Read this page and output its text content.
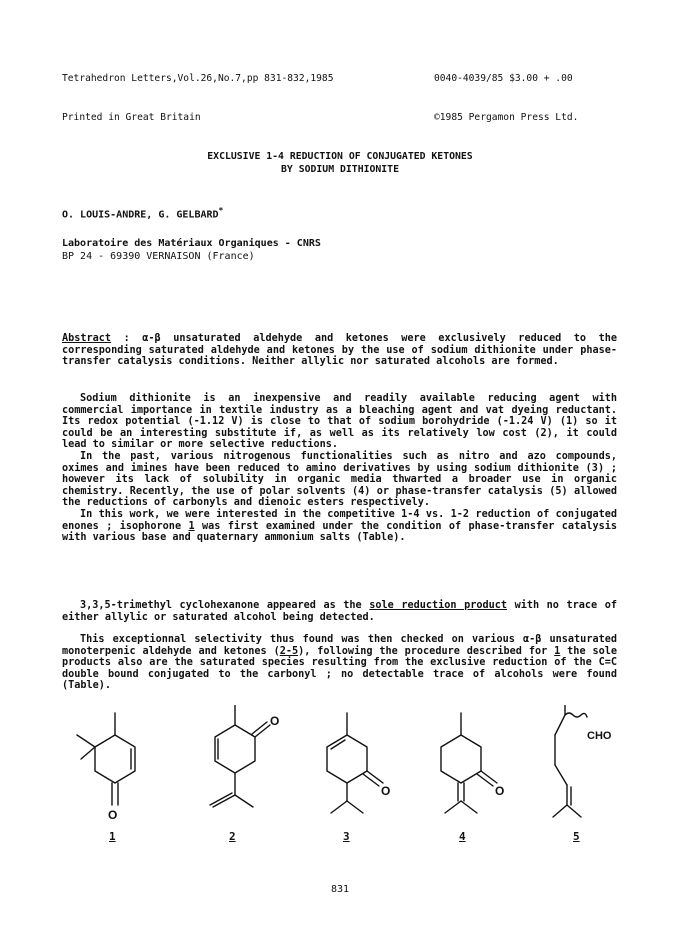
Tetrahedron Letters,Vol.26,No.7,pp 831-832,1985

Printed in Great Britain

0040-4039/85 $3.00 + .00

©1985 Pergamon Press Ltd.

EXCLUSIVE 1-4 REDUCTION OF CONJUGATED KETONES
BY SODIUM DITHIONITE
O. LOUIS-ANDRE, G. GELBARD*
Laboratoire des Matériaux Organiques - CNRS
BP 24 - 69390 VERNAISON (France)

Abstract : α-β unsaturated aldehyde and ketones were exclusively reduced to the corresponding saturated aldehyde and ketones by the use of sodium dithionite under phase- transfer catalysis conditions. Neither allylic nor saturated alcohols are formed.

Sodium dithionite is an inexpensive and readily available reducing agent with commercial importance in textile industry as a bleaching agent and vat dyeing reductant. Its redox potential (-1.12 V) is close to that of sodium borohydride (-1.24 V) (1) so it could be an interesting substitute if, as well as its relatively low cost (2), it could lead to similar or more selective reductions.

In the past, various nitrogenous functionalities such as nitro and azo compounds, oximes and imines have been reduced to amino derivatives by using sodium dithionite (3) ; however its lack of solubility in organic media thwarted a broader use in organic chemistry. Recently, the use of polar solvents (4) or phase-transfer catalysis (5) allowed the reductions of carbonyls and dienoic esters respectively.

In this work, we were interested in the competitive 1-4 vs. 1-2 reduction of conjugated enones ; isophorone 1 was first examined under the condition of phase-transfer catalysis with various base and quaternary ammonium salts (Table).

3,3,5-trimethyl cyclohexanone appeared as the sole reduction product with no trace of either allylic or saturated alcohol being detected.

This exceptionnal selectivity thus found was then checked on various α-β unsaturated monoterpenic aldehyde and ketones (2-5), following the procedure described for 1 the sole products also are the saturated species resulting from the exclusive reduction of the C=C double bound conjugated to the carbonyl ; no detectable trace of alcohols were found (Table).

O
O
O	O
CHO
1	2	3	4	5
831
